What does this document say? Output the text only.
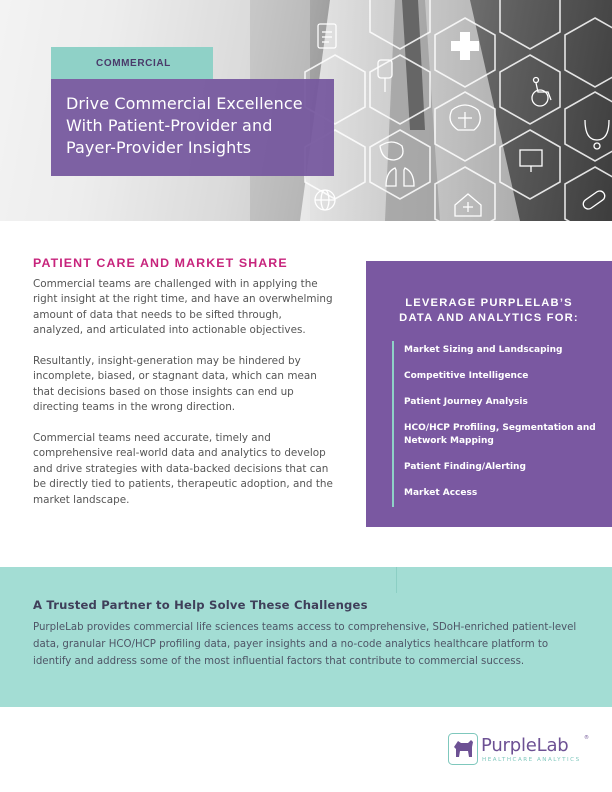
COMMERCIAL
Drive Commercial Excellence
With Patient-Provider and
Payer-Provider Insights
PATIENT CARE AND MARKET SHARE

Commercial teams are challenged with in applying the right insight at the right time, and have an overwhelming amount of data that needs to be sifted through, analyzed, and articulated into actionable objectives.

Resultantly, insight-generation may be hindered by incomplete, biased, or stagnant data, which can mean that decisions based on those insights can end up directing teams in the wrong direction.

Commercial teams need accurate, timely and comprehensive real-world data and analytics to develop and drive strategies with data-backed decisions that can be directly tied to patients, therapeutic adoption, and the market landscape.

LEVERAGE PURPLELAB’S
DATA AND ANALYTICS FOR:
Market Sizing and Landscaping
Competitive Intelligence
Patient Journey Analysis
HCO/HCP Profiling, Segmentation and Network Mapping
Patient Finding/Alerting
Market Access
A Trusted Partner to Help Solve These Challenges

PurpleLab provides commercial life sciences teams access to comprehensive, SDoH-enriched patient-level data, granular HCO/HCP profiling data, payer insights and a no-code analytics healthcare platform to identify and address some of the most influential factors that contribute to commercial success.

PurpleLab	®
HEALTHCARE ANALYTICS
